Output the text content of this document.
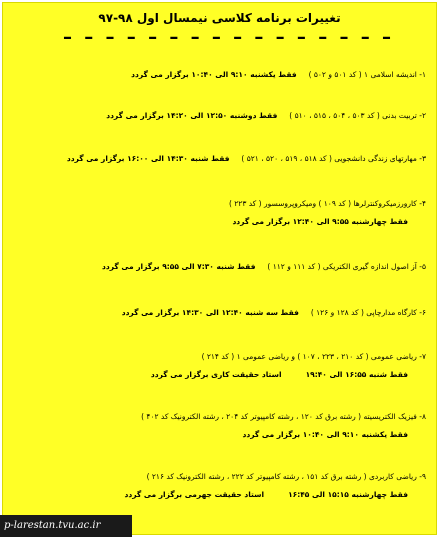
تغییرات برنامه کلاسی نیمسال اول ۹۸-۹۷
– – – – – – – – – – – – – – – –
۱- اندیشه اسلامی ۱ ( کد ۵۰۱ و ۵۰۲ )     فقط یکشنبه ۹:۱۰ الی ۱۰:۴۰ برگزار می گردد
۲- تربیت بدنی ( کد ۵۰۳ ، ۵۰۴ ، ۵۱۵ ، ۵۱۰ )     فقط دوشنبه ۱۲:۵۰ الی ۱۴:۲۰ برگزار می گردد
۳- مهارتهای زندگی دانشجویی ( کد ۵۱۸ ، ۵۱۹ ، ۵۲۰ ، ۵۲۱ )     فقط شنبه ۱۴:۳۰ الی ۱۶:۰۰ برگزار می گردد
۴- کارورزمیکروکنترلرها ( کد ۱۰۹ ) ومیکروپروسسور ( کد ۲۲۳ )
فقط چهارشنبه ۹:۵۵ الی ۱۲:۴۰ برگزار می گردد
۵- آز اصول اندازه گیری الکتریکی ( کد ۱۱۱ و ۱۱۲ )     فقط شنبه ۷:۳۰ الی ۹:۵۵ برگزار می گردد
۶- کارگاه مدارچاپی ( کد ۱۲۸ و ۱۲۶ )     فقط سه شنبه ۱۲:۴۰ الی ۱۴:۳۰ برگزار می گردد
۷- ریاضی عمومی ( کد ۲۱۰ ، ۲۲۳ ، ۱۰۷ ) و ریاضی عمومی ۱ ( کد ۲۱۴ )
فقط شنبه ۱۶:۵۵ الی ۱۹:۴۰استاد حقیقت کاری برگزار می گردد
۸- فیزیک الکتریسیته ( رشته برق کد ۱۲۰ ، رشته کامپیوتر کد ۲۰۴ ، رشته الکترونیک کد ۴۰۲ )
فقط یکشنبه ۹:۱۰ الی ۱۰:۴۰ برگزار می گردد
۹- ریاضی کاربردی ( رشته برق کد ۱۵۱ ، رشته کامپیوتر کد ۲۲۲ ، رشته الکترونیک کد ۲۱۶ )
فقط چهارشنبه ۱۵:۱۵ الی ۱۶:۴۵استاد حقیقت جهرمی برگزار می گردد
p-larestan.tvu.ac.ir
